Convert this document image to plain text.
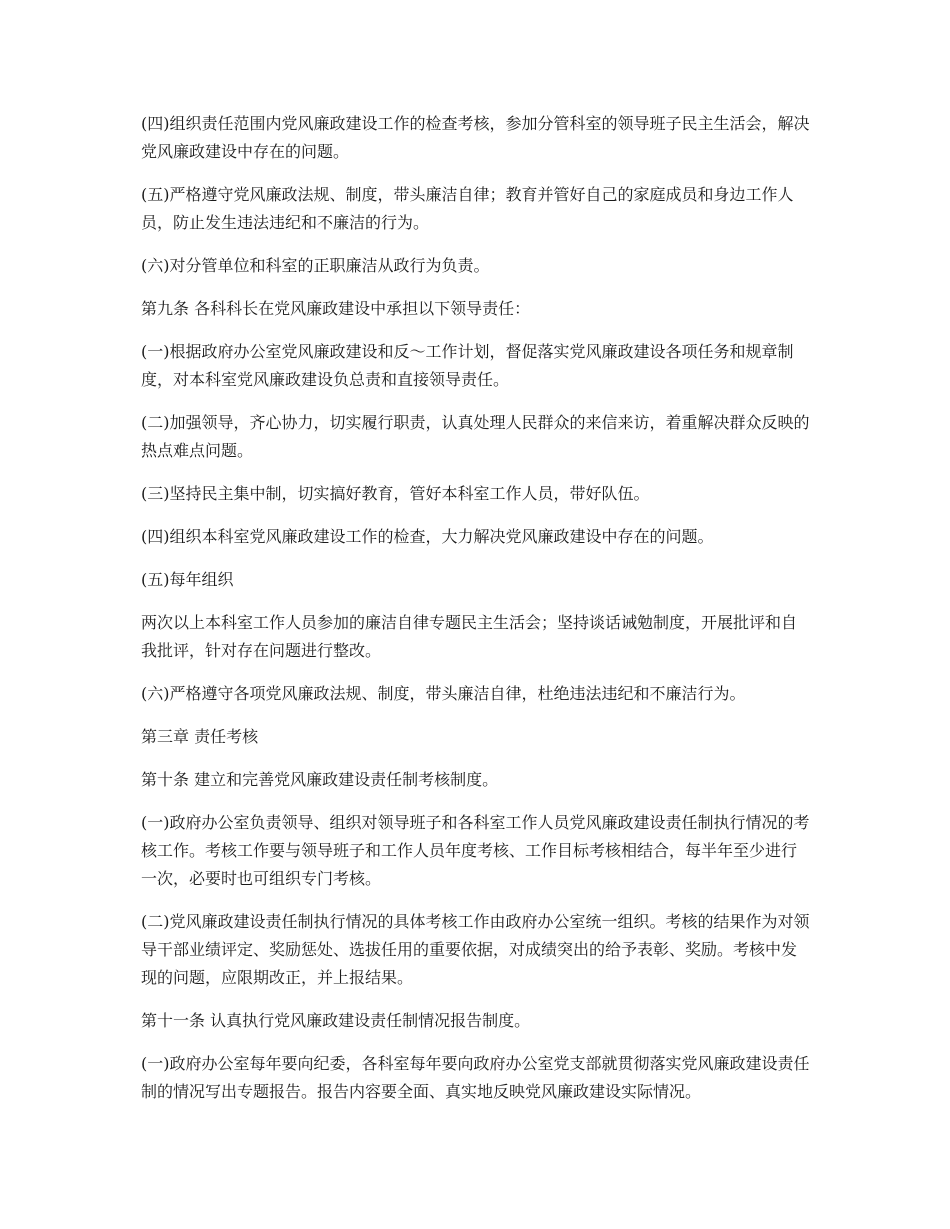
(四)组织责任范围内党风廉政建设工作的检查考核，参加分管科室的领导班子民主生活会，解决党风廉政建设中存在的问题。

(五)严格遵守党风廉政法规、制度，带头廉洁自律；教育并管好自己的家庭成员和身边工作人员，防止发生违法违纪和不廉洁的行为。

(六)对分管单位和科室的正职廉洁从政行为负责。

第九条 各科科长在党风廉政建设中承担以下领导责任：

(一)根据政府办公室党风廉政建设和反～工作计划，督促落实党风廉政建设各项任务和规章制度，对本科室党风廉政建设负总责和直接领导责任。

(二)加强领导，齐心协力，切实履行职责，认真处理人民群众的来信来访，着重解决群众反映的热点难点问题。

(三)坚持民主集中制，切实搞好教育，管好本科室工作人员，带好队伍。

(四)组织本科室党风廉政建设工作的检查，大力解决党风廉政建设中存在的问题。

(五)每年组织

两次以上本科室工作人员参加的廉洁自律专题民主生活会；坚持谈话诫勉制度，开展批评和自我批评，针对存在问题进行整改。

(六)严格遵守各项党风廉政法规、制度，带头廉洁自律，杜绝违法违纪和不廉洁行为。

第三章 责任考核

第十条 建立和完善党风廉政建设责任制考核制度。

(一)政府办公室负责领导、组织对领导班子和各科室工作人员党风廉政建设责任制执行情况的考核工作。考核工作要与领导班子和工作人员年度考核、工作目标考核相结合，每半年至少进行一次，必要时也可组织专门考核。

(二)党风廉政建设责任制执行情况的具体考核工作由政府办公室统一组织。考核的结果作为对领导干部业绩评定、奖励惩处、选拔任用的重要依据，对成绩突出的给予表彰、奖励。考核中发现的问题，应限期改正，并上报结果。

第十一条 认真执行党风廉政建设责任制情况报告制度。

(一)政府办公室每年要向纪委，各科室每年要向政府办公室党支部就贯彻落实党风廉政建设责任制的情况写出专题报告。报告内容要全面、真实地反映党风廉政建设实际情况。
